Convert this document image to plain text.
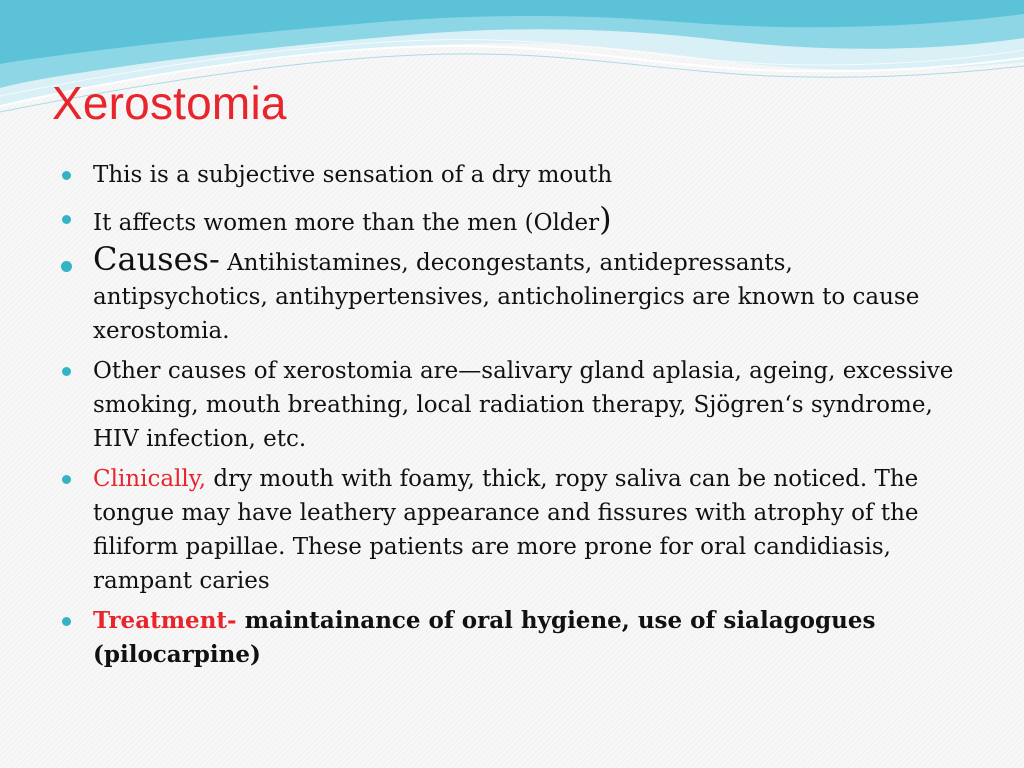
Xerostomia
This is a subjective sensation of a dry mouth
It affects women more than the men (Older)
Causes- Antihistamines, decongestants, antidepressants, antipsychotics, antihypertensives, anticholinergics are known to cause xerostomia.
Other causes of xerostomia are—salivary gland aplasia, ageing, excessive smoking, mouth breathing, local radiation therapy, Sjögren‘s syndrome, HIV infection, etc.
Clinically, dry mouth with foamy, thick, ropy saliva can be noticed. The tongue may have leathery appearance and fissures with atrophy of the filiform papillae. These patients are more prone for oral candidiasis, rampant caries
Treatment- maintainance of oral hygiene, use of sialagogues (pilocarpine)
